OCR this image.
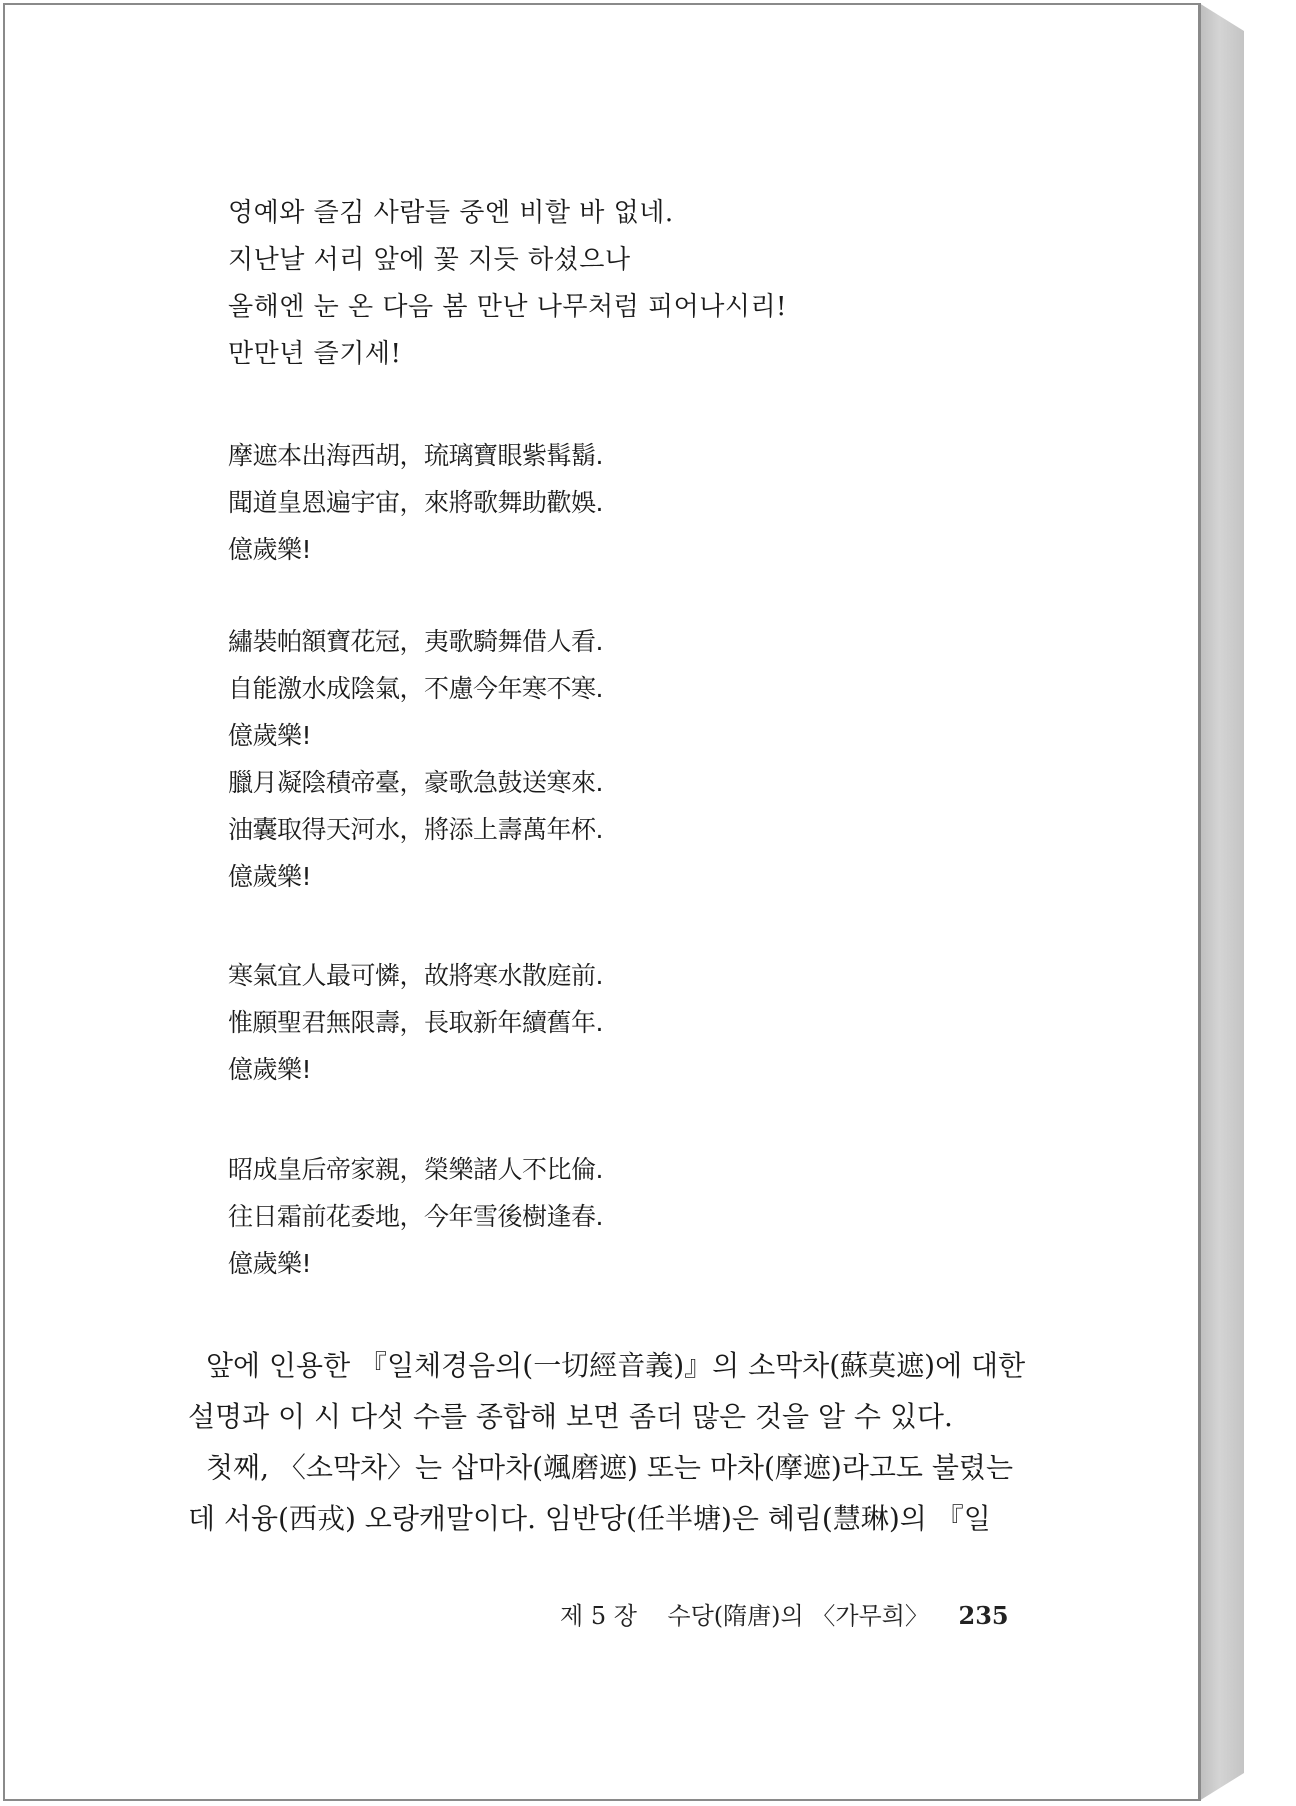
영예와 즐김 사람들 중엔 비할 바 없네.
지난날 서리 앞에 꽃 지듯 하셨으나
올해엔 눈 온 다음 봄 만난 나무처럼 피어나시리!
만만년 즐기세!
摩遮本出海西胡，琉璃寶眼紫髯鬍.
聞道皇恩遍宇宙，來將歌舞助歡娛.
億歲樂!
繡裝帕額寶花冠，夷歌騎舞借人看.
自能激水成陰氣，不慮今年寒不寒.
億歲樂!
臘月凝陰積帝臺，豪歌急鼓送寒來.
油囊取得天河水，將添上壽萬年杯.
億歲樂!
寒氣宜人最可憐，故將寒水散庭前.
惟願聖君無限壽，長取新年續舊年.
億歲樂!
昭成皇后帝家親，榮樂諸人不比倫.
往日霜前花委地，今年雪後樹逢春.
億歲樂!
앞에 인용한 『일체경음의(一切經音義)』의 소막차(蘇莫遮)에 대한
설명과 이 시 다섯 수를 종합해 보면 좀더 많은 것을 알 수 있다.
첫째, 〈소막차〉는 삽마차(颯磨遮) 또는 마차(摩遮)라고도 불렸는
데 서융(西戎) 오랑캐말이다. 임반당(任半塘)은 혜림(慧琳)의 『일
제 5 장 수당(隋唐)의 〈가무희〉 235
